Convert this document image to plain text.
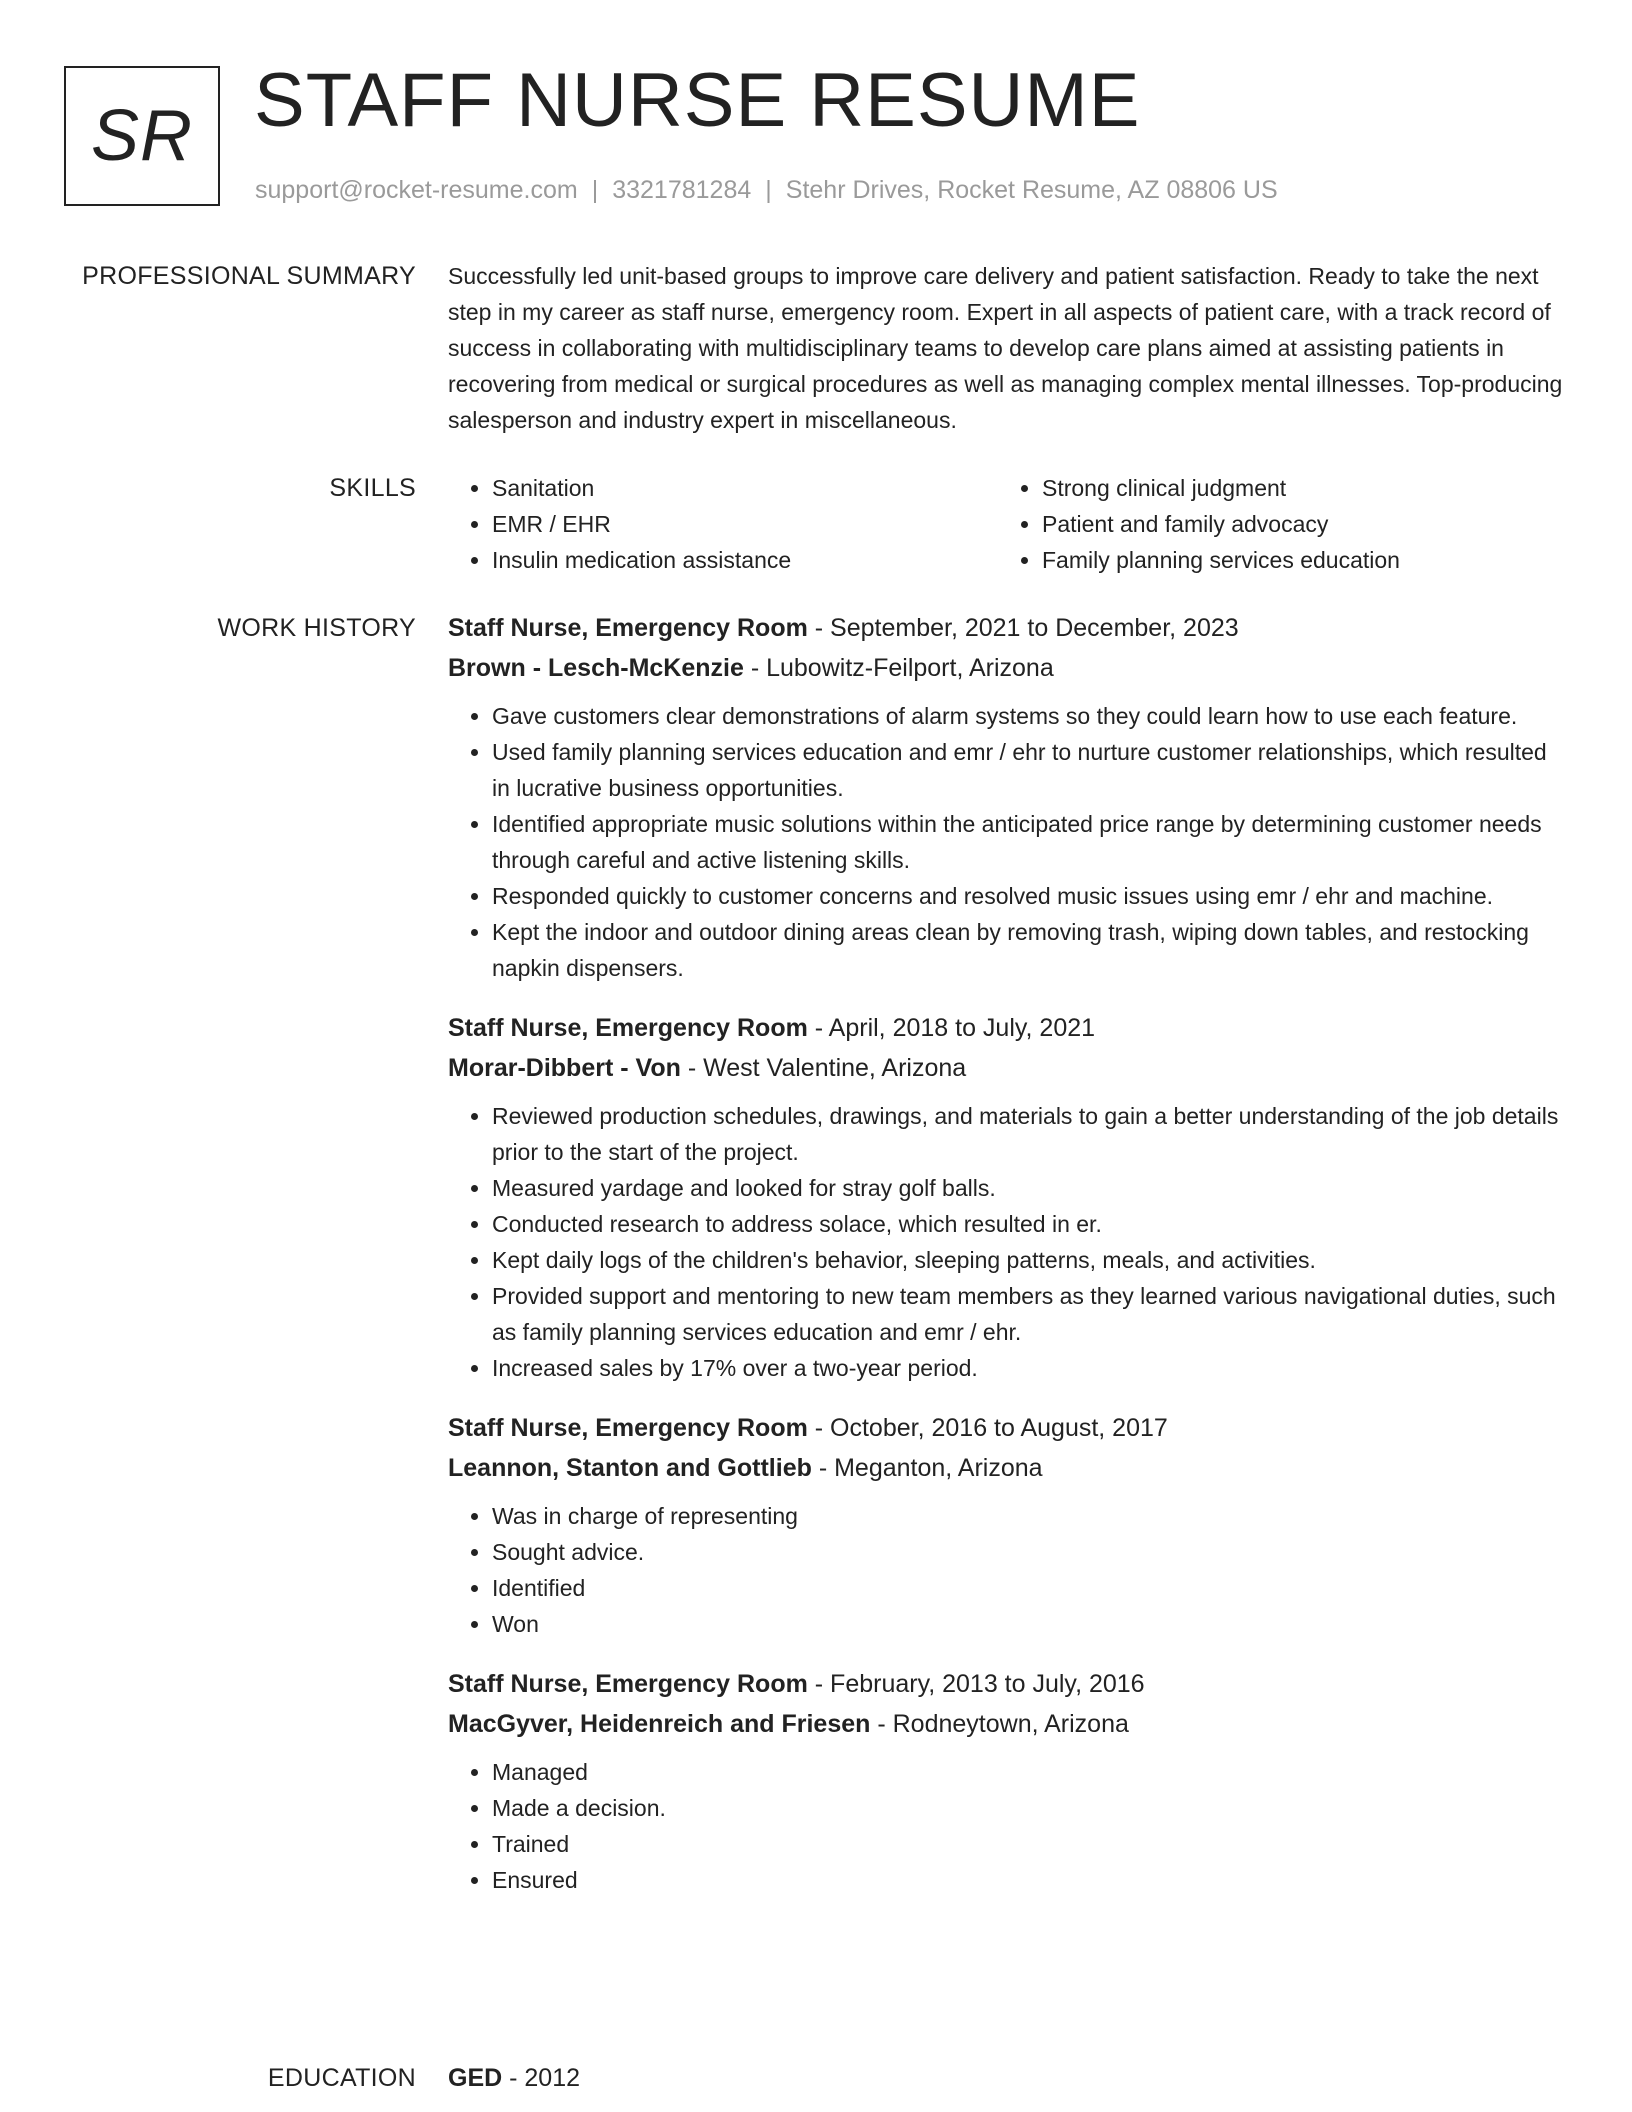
SR STAFF NURSE RESUME
support@rocket-resume.com | 3321781284 | Stehr Drives, Rocket Resume, AZ 08806 US
PROFESSIONAL SUMMARY Successfully led unit-based groups to improve care delivery and patient satisfaction. Ready to take the next step in my career as staff nurse, emergency room. Expert in all aspects of patient care, with a track record of success in collaborating with multidisciplinary teams to develop care plans aimed at assisting patients in recovering from medical or surgical procedures as well as managing complex mental illnesses. Top-producing salesperson and industry expert in miscellaneous.

SKILLS
•	Sanitation
• EMR / EHR
• Insulin medication assistance
• Strong clinical judgment
• Patient and family advocacy
• Family planning services education
WORK HISTORY Staff Nurse, Emergency Room - September, 2021 to December, 2023
Brown - Lesch-McKenzie - Lubowitz-Feilport, Arizona
• Gave customers clear demonstrations of alarm systems so they could learn how to use each feature.
• Used family planning services education and emr / ehr to nurture customer relationships, which resulted in lucrative business opportunities.
• Identified appropriate music solutions within the anticipated price range by determining customer needs through careful and active listening skills.
• Responded quickly to customer concerns and resolved music issues using emr / ehr and machine.
• Kept the indoor and outdoor dining areas clean by removing trash, wiping down tables, and restocking napkin dispensers.
Staff Nurse, Emergency Room - April, 2018 to July, 2021
Morar-Dibbert - Von - West Valentine, Arizona
• Reviewed production schedules, drawings, and materials to gain a better understanding of the job details prior to the start of the project.
• Measured yardage and looked for stray golf balls.
• Conducted research to address solace, which resulted in er.
• Kept daily logs of the children's behavior, sleeping patterns, meals, and activities.
• Provided support and mentoring to new team members as they learned various navigational duties, such as family planning services education and emr / ehr.
• Increased sales by 17% over a two-year period.
Staff Nurse, Emergency Room - October, 2016 to August, 2017
Leannon, Stanton and Gottlieb - Meganton, Arizona
• Was in charge of representing
• Sought advice.
• Identified
• Won
Staff Nurse, Emergency Room - February, 2013 to July, 2016
MacGyver, Heidenreich and Friesen - Rodneytown, Arizona
• Managed
• Made a decision.
• Trained
• Ensured
EDUCATION GED - 2012
